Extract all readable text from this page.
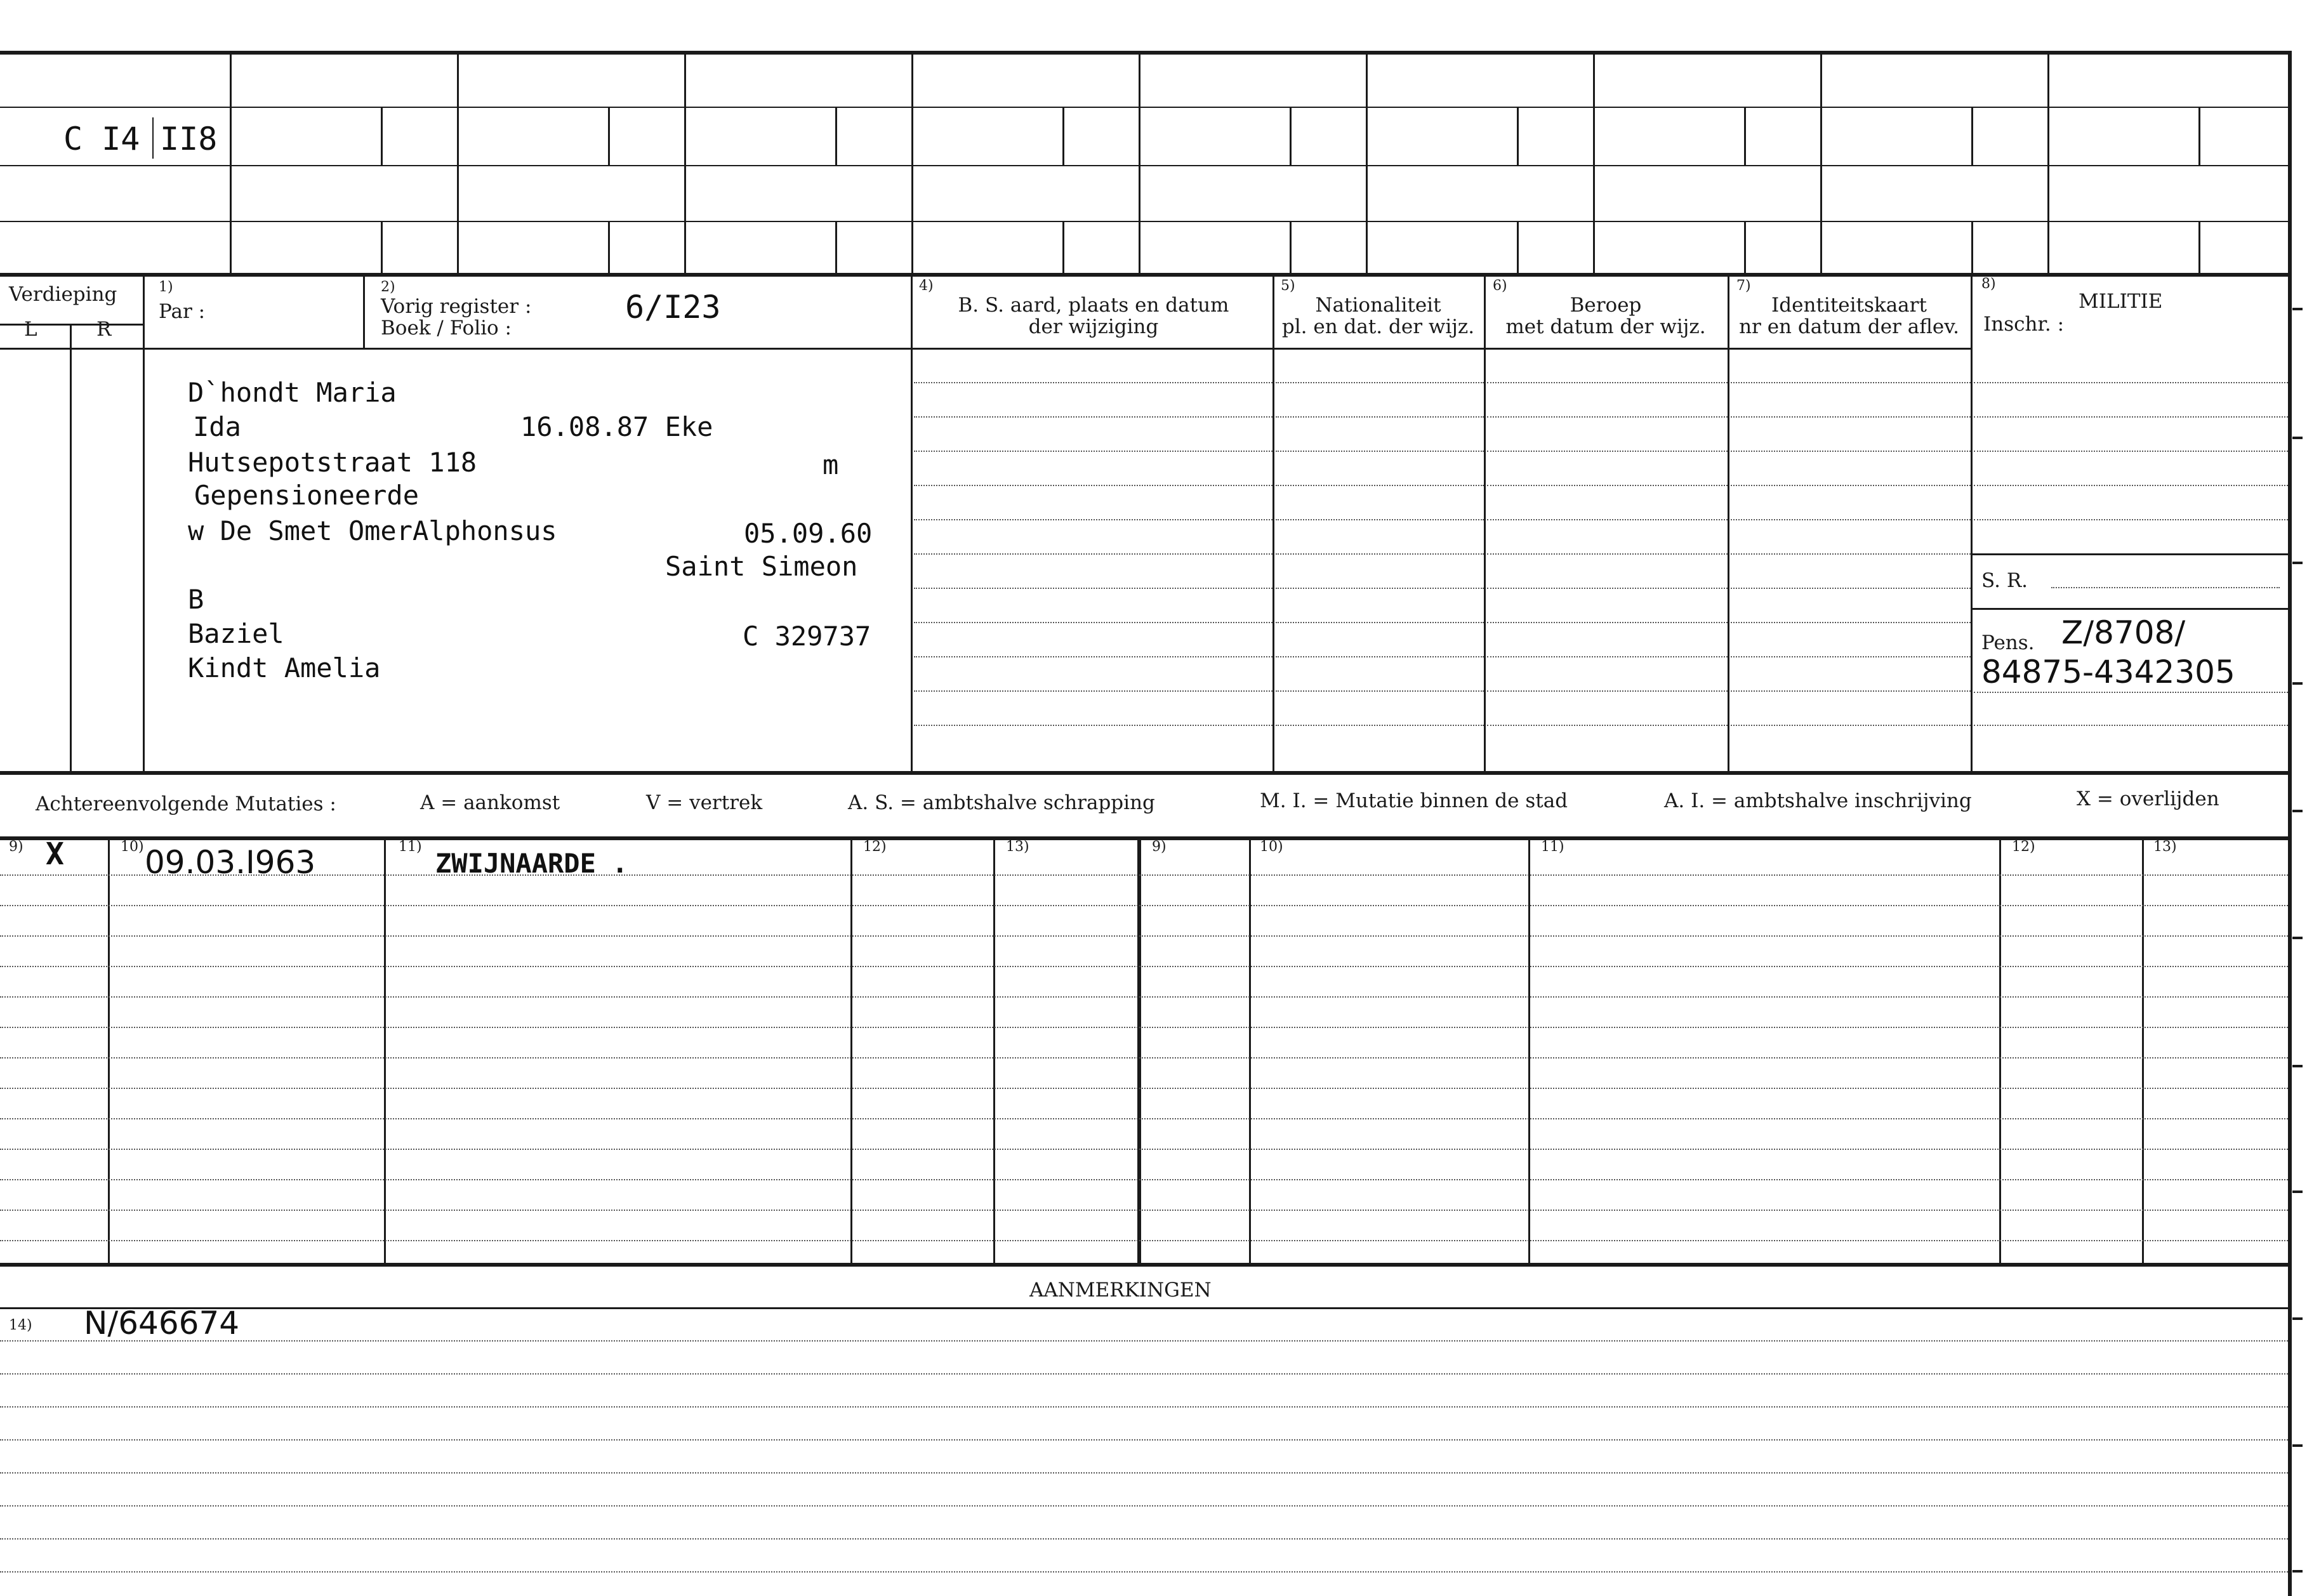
C I4 II8
Verdieping
L	R
1)
Par :
2)
Vorig register :
Boek / Folio :
6/I23
4)
B. S. aard, plaats en datum
der wijziging
5)
Nationaliteit
pl. en dat. der wijz.
6)
Beroep
met datum der wijz.
7)
Identiteitskaart
nr en datum der aflev.
8)
MILITIE
Inschr. :
S. R.
Pens. Z/8708/
84875-4342305
D`hondt Maria
Ida	16.08.87 Eke
Hutsepotstraat 118	m
Gepensioneerde
w De Smet OmerAlphonsus	05.09.60
Saint Simeon
B
Baziel	C 329737
Kindt Amelia
Achtereenvolgende Mutaties :	A = aankomst	V = vertrek	A. S. = ambtshalve schrapping	M. I. = Mutatie binnen de stad	A. I. = ambtshalve inschrijving	X = overlijden
9)	10)	11)	12)	13)	9)	10)	11)	12)	13)
X	09.03.I963	ZWIJNAARDE .
AANMERKINGEN
14) N/646674
